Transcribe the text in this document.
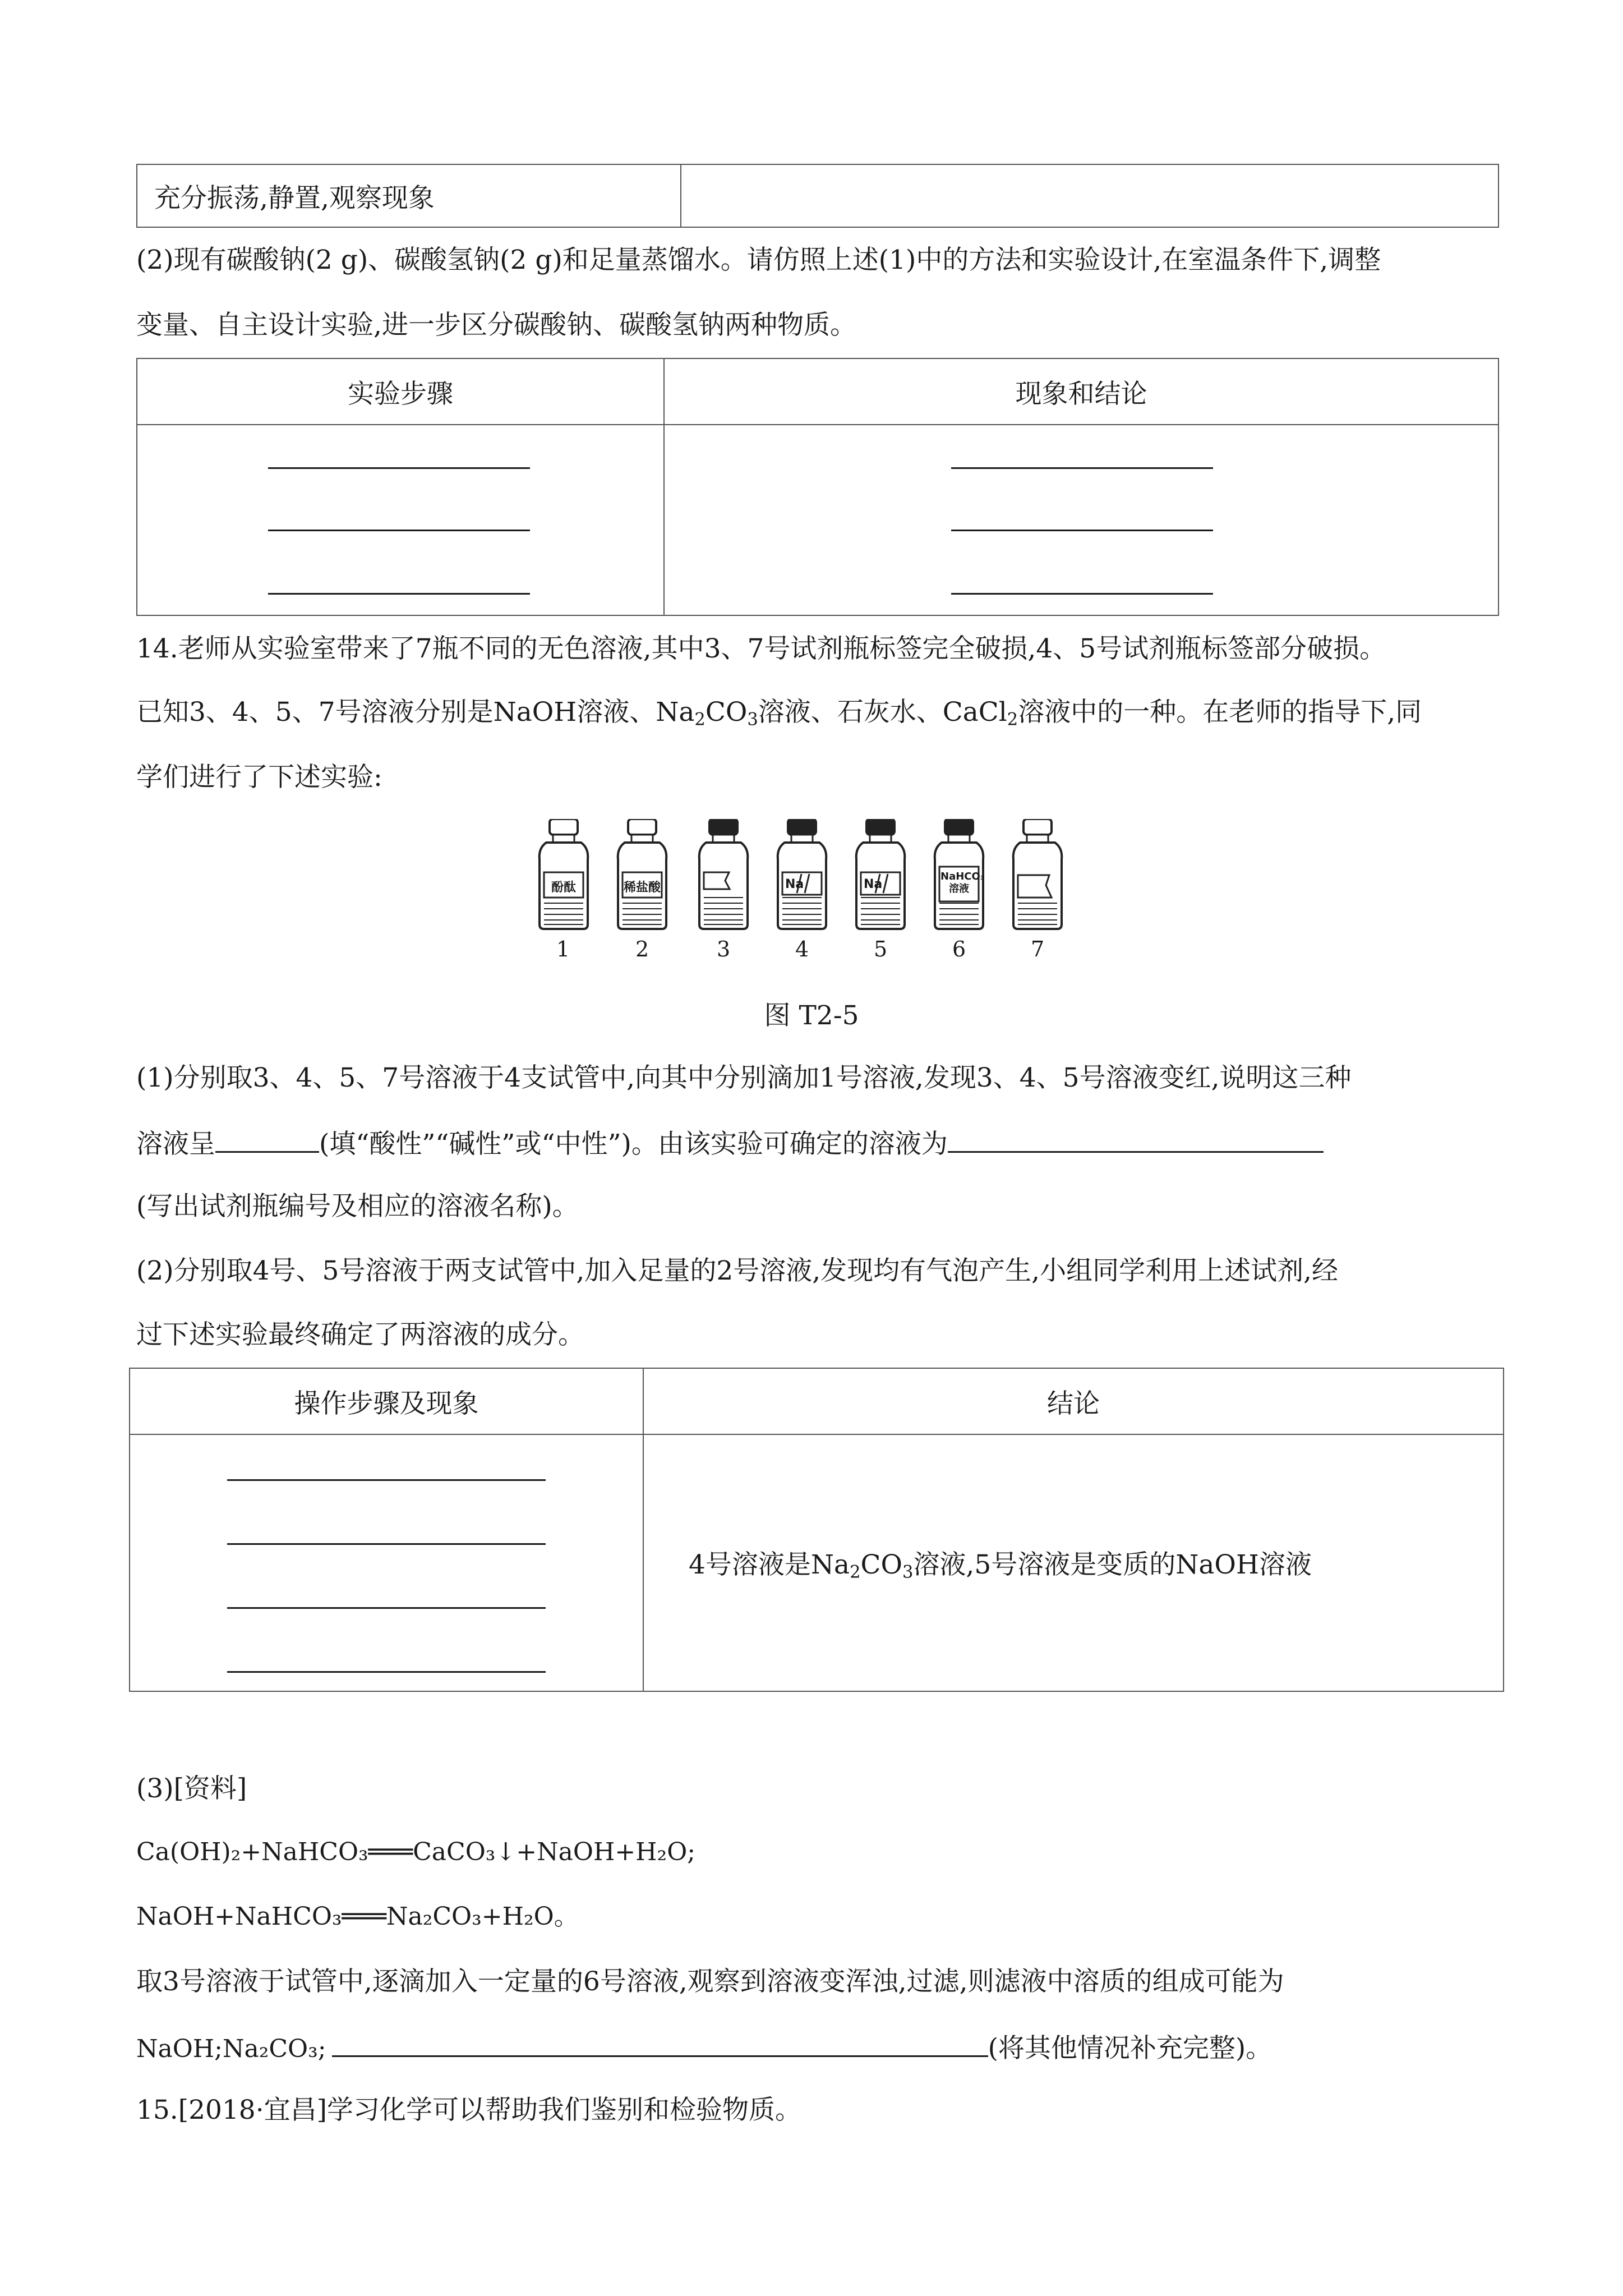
充分振荡,静置,观察现象	
(2)现有碳酸钠(2 g)、碳酸氢钠(2 g)和足量蒸馏水。请仿照上述(1)中的方法和实验设计,在室温条件下,调整
变量、自主设计实验,进一步区分碳酸钠、碳酸氢钠两种物质。
实验步骤	现象和结论

14.老师从实验室带来了7瓶不同的无色溶液,其中3、7号试剂瓶标签完全破损,4、5号试剂瓶标签部分破损。
已知3、4、5、7号溶液分别是NaOH溶液、$Na_2CO_3$溶液、石灰水、CaCl$_2$溶液中的一种。在老师的指导下,同
学们进行了下述实验:
酚酞	稀盐酸	Na	Na
NaHCO₃ 溶液
1	2	3	4	5	6	7
图 T2-5
(1)分别取3、4、5、7号溶液于4支试管中,向其中分别滴加1号溶液,发现3、4、5号溶液变红,说明这三种
溶液呈	(填“酸性”“碱性”或“中性”)。由该实验可确定的溶液为
(写出试剂瓶编号及相应的溶液名称)。
(2)分别取4号、5号溶液于两支试管中,加入足量的2号溶液,发现均有气泡产生,小组同学利用上述试剂,经
过下述实验最终确定了两溶液的成分。
操作步骤及现象	结论
	4号溶液是$Na_2CO_3$溶液,5号溶液是变质的NaOH溶液
(3)[资料]
Ca(OH)₂+NaHCO₃═══CaCO₃↓+NaOH+H₂O;
NaOH+NaHCO₃═══Na₂CO₃+H₂O。
取3号溶液于试管中,逐滴加入一定量的6号溶液,观察到溶液变浑浊,过滤,则滤液中溶质的组成可能为
NaOH;Na₂CO₃;	(将其他情况补充完整)。
15.[2018·宜昌]学习化学可以帮助我们鉴别和检验物质。
